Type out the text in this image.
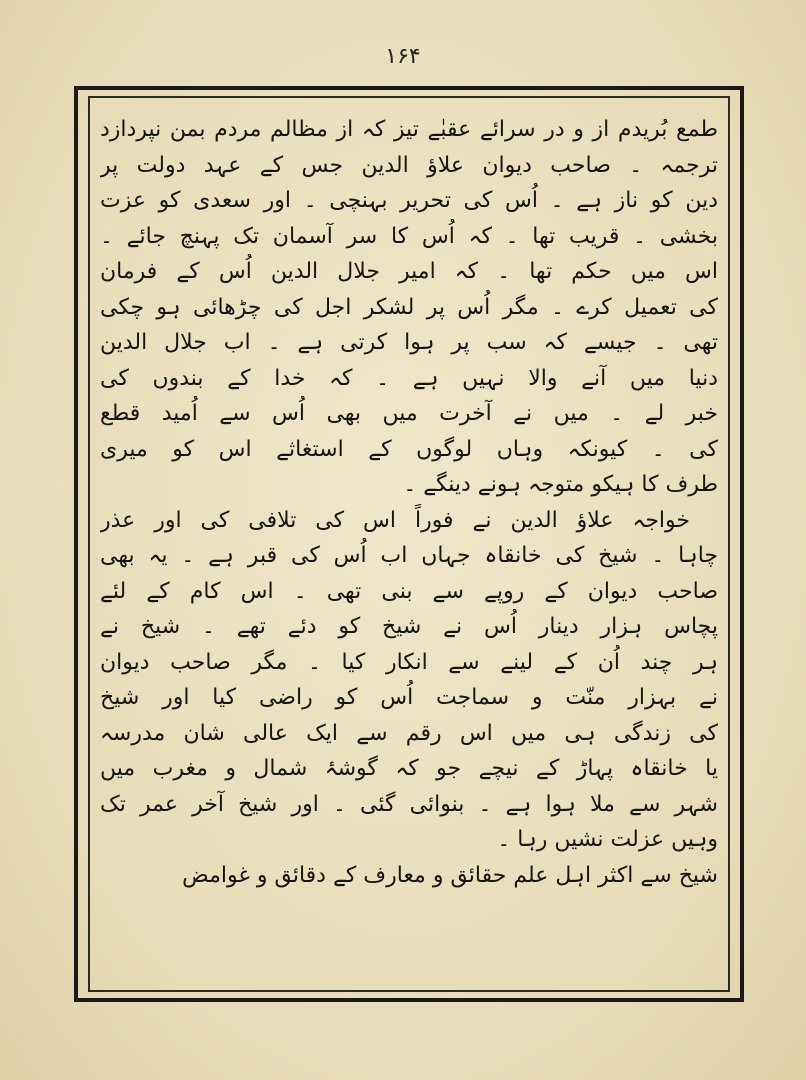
۱۶۴
طمع بُریدم از و در سرائے عقبٰے تیز کہ از مظالم مردم بمن نپردازد
ترجمہ ۔ صاحب دیوان علاؤ الدین جس کے عہد دولت پر
دین کو ناز ہے ۔ اُس کی تحریر بہنچی ۔ اور سعدی کو عزت
بخشی ۔ قریب تھا ۔ کہ اُس کا سر آسمان تک پہنچ جائے ۔
اس میں حکم تھا ۔ کہ امیر جلال الدین اُس کے فرمان
کی تعمیل کرے ۔ مگر اُس پر لشکر اجل کی چڑھائی ہو چکی
تھی ۔ جیسے کہ سب پر ہوا کرتی ہے ۔ اب جلال الدین
دنیا میں آنے والا نہیں ہے ۔ کہ خدا کے بندوں کی
خبر لے ۔ میں نے آخرت میں بھی اُس سے اُمید قطع
کی ۔ کیونکہ وہاں لوگوں کے استغاثے اس کو میری
طرف کا ہیکو متوجہ ہونے دینگے ۔
خواجہ علاؤ الدین نے فوراً اس کی تلافی کی اور عذر
چاہا ۔ شیخ کی خانقاہ جہاں اب اُس کی قبر ہے ۔ یہ بھی
صاحب دیوان کے روپے سے بنی تھی ۔ اس کام کے لئے
پچاس ہزار دینار اُس نے شیخ کو دئے تھے ۔ شیخ نے
ہر چند اُن کے لینے سے انکار کیا ۔ مگر صاحب دیوان
نے بہزار منّت و سماجت اُس کو راضی کیا اور شیخ
کی زندگی ہی میں اس رقم سے ایک عالی شان مدرسہ
یا خانقاہ پہاڑ کے نیچے جو کہ گوشۂ شمال و مغرب میں
شہر سے ملا ہوا ہے ۔ بنوائی گئی ۔ اور شیخ آخر عمر تک
وہیں عزلت نشیں رہا ۔
شیخ سے اکثر اہل علم حقائق و معارف کے دقائق و غوامض
